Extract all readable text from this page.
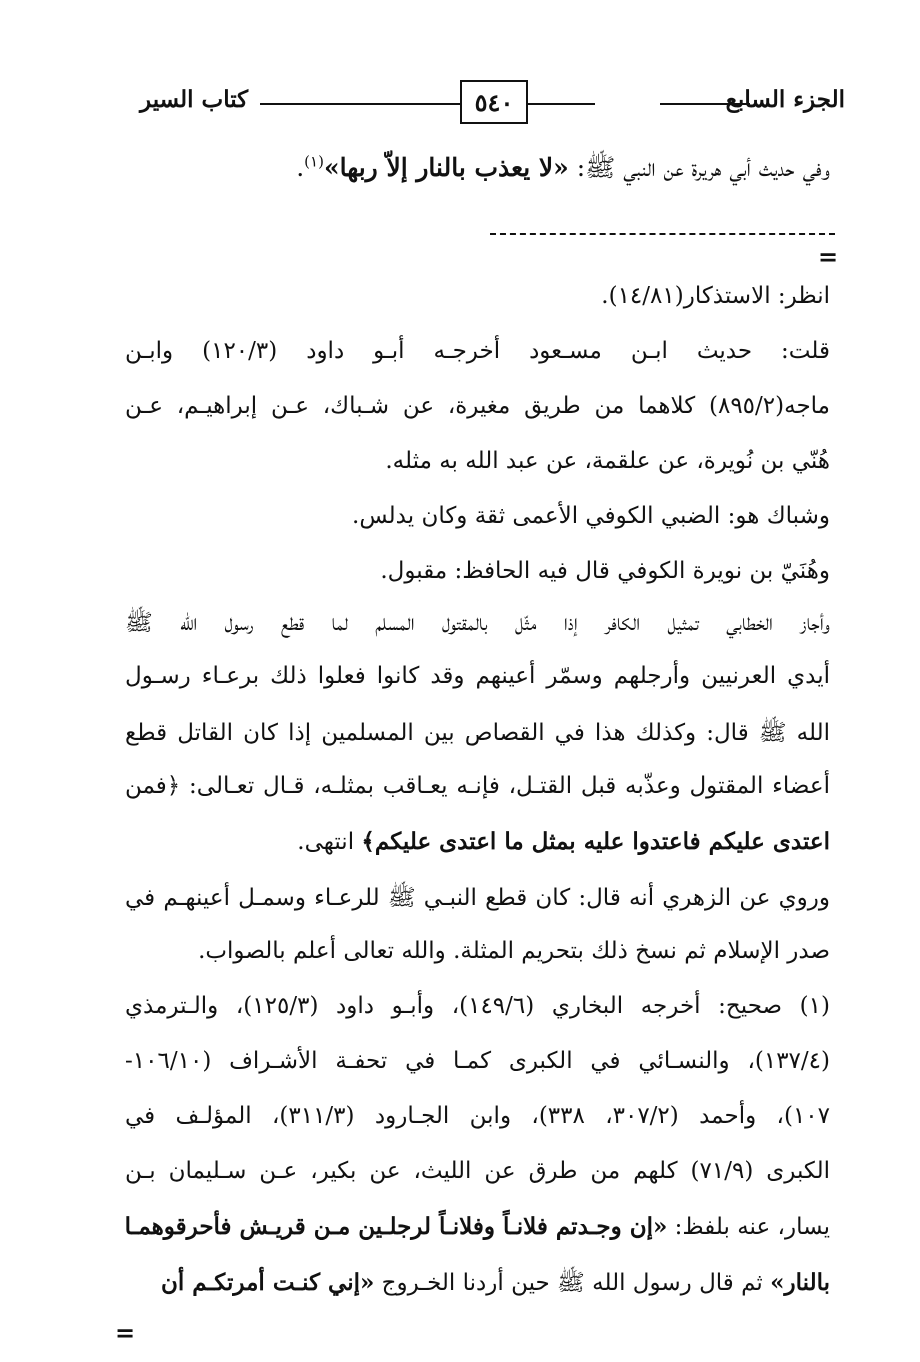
كتاب السير	الجزء السابع
٥٤٠
وفي حديث أبي هريرة عن النبي ﷺ: «لا يعذب بالنار إلاّ ربها»$^{(١)}$.
=
انظر: الاستذكار(١٤/٨١).
قلت: حديث ابـن مسـعود أخرجـه أبـو داود (١٢٠/٣) وابـن
ماجه(٨٩٥/٢) كلاهما من طريق مغيرة، عن شـباك، عـن إبراهيـم، عـن
هُنّي بن نُويرة، عن علقمة، عن عبد الله به مثله.
وشباك هو: الضبي الكوفي الأعمى ثقة وكان يدلس.
وهُنَيّ بن نويرة الكوفي قال فيه الحافظ: مقبول.
وأجاز الخطابي تمثيل الكافر إذا مثّل بالمقتول المسلم لما قطع رسول الله ﷺ
أيدي العرنيين وأرجلهم وسمّر أعينهم وقد كانوا فعلوا ذلك برعـاء رسـول
الله ﷺ قال: وكذلك هذا في القصاص بين المسلمين إذا كان القاتل قطع
أعضاء المقتول وعذّبه قبل القتـل، فإنـه يعـاقب بمثلـه، قـال تعـالى: ﴿فمن
اعتدى عليكم فاعتدوا عليه بمثل ما اعتدى عليكم﴾ انتهى.
وروي عن الزهري أنه قال: كان قطع النبـي ﷺ للرعـاء وسمـل أعينهـم في
صدر الإسلام ثم نسخ ذلك بتحريم المثلة. والله تعالى أعلم بالصواب.
(١) صحيح: أخرجه البخاري (١٤٩/٦)، وأبـو داود (١٢٥/٣)، والـترمذي
(١٣٧/٤)، والنسـائي في الكبرى كمـا في تحفـة الأشـراف (١٠٦/١٠-
١٠٧)، وأحمد (٣٠٧/٢، ٣٣٨)، وابن الجـارود (٣١١/٣)، المؤلـف في
الكبرى (٧١/٩) كلهم من طرق عن الليث، عن بكير، عـن سـليمان بـن
يسار، عنه بلفظ: «إن وجـدتم فلانـاً وفلانـاً لرجلـين مـن قريـش فأحرقوهمـا
بالنار» ثم قال رسول الله ﷺ حين أردنا الخـروج «إني كنـت أمرتكـم أن
=
